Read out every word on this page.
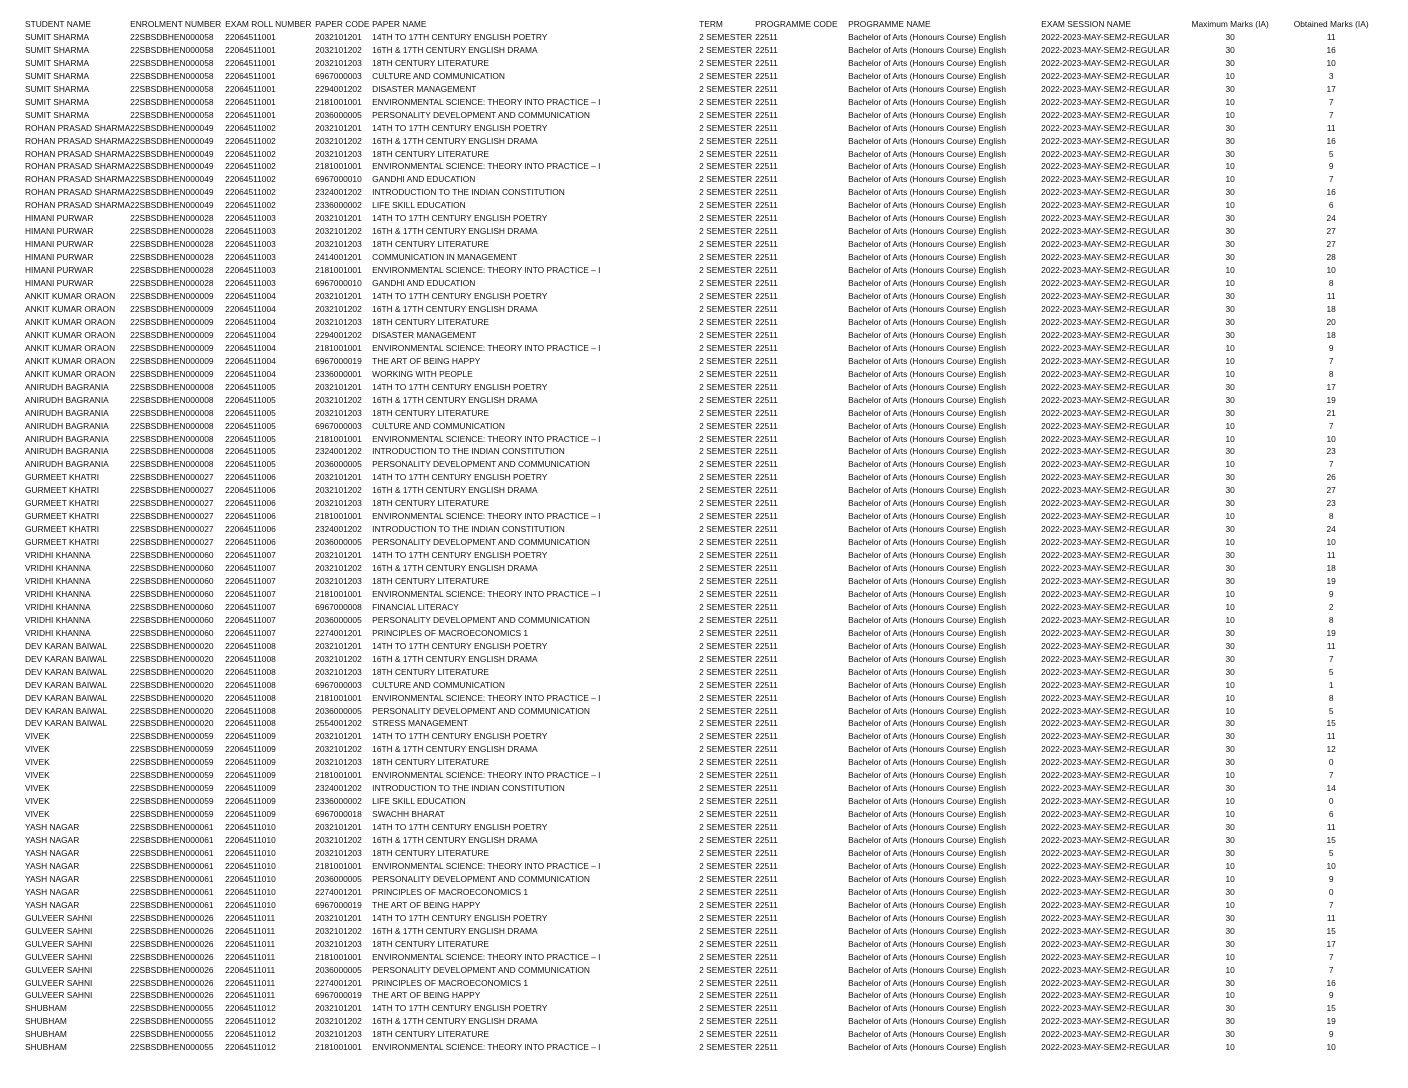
STUDENT NAME	ENROLMENT NUMBER	EXAM ROLL NUMBER	PAPER CODE	PAPER NAME	TERM	PROGRAMME CODE	PROGRAMME NAME	EXAM SESSION NAME	Maximum Marks (IA)	Obtained Marks (IA)
SUMIT SHARMA	22SBSDBHEN000058	22064511001	2032101201	14TH TO 17TH CENTURY ENGLISH POETRY	2 SEMESTER	22511	Bachelor of Arts (Honours Course) English	2022-2023-MAY-SEM2-REGULAR	30	11
SUMIT SHARMA	22SBSDBHEN000058	22064511001	2032101202	16TH & 17TH CENTURY ENGLISH DRAMA	2 SEMESTER	22511	Bachelor of Arts (Honours Course) English	2022-2023-MAY-SEM2-REGULAR	30	16
SUMIT SHARMA	22SBSDBHEN000058	22064511001	2032101203	18TH CENTURY LITERATURE	2 SEMESTER	22511	Bachelor of Arts (Honours Course) English	2022-2023-MAY-SEM2-REGULAR	30	10
SUMIT SHARMA	22SBSDBHEN000058	22064511001	6967000003	CULTURE AND COMMUNICATION	2 SEMESTER	22511	Bachelor of Arts (Honours Course) English	2022-2023-MAY-SEM2-REGULAR	10	3
SUMIT SHARMA	22SBSDBHEN000058	22064511001	2294001202	DISASTER MANAGEMENT	2 SEMESTER	22511	Bachelor of Arts (Honours Course) English	2022-2023-MAY-SEM2-REGULAR	30	17
SUMIT SHARMA	22SBSDBHEN000058	22064511001	2181001001	ENVIRONMENTAL SCIENCE: THEORY INTO PRACTICE – I	2 SEMESTER	22511	Bachelor of Arts (Honours Course) English	2022-2023-MAY-SEM2-REGULAR	10	7
SUMIT SHARMA	22SBSDBHEN000058	22064511001	2036000005	PERSONALITY DEVELOPMENT AND COMMUNICATION	2 SEMESTER	22511	Bachelor of Arts (Honours Course) English	2022-2023-MAY-SEM2-REGULAR	10	7
ROHAN PRASAD SHARMA	22SBSDBHEN000049	22064511002	2032101201	14TH TO 17TH CENTURY ENGLISH POETRY	2 SEMESTER	22511	Bachelor of Arts (Honours Course) English	2022-2023-MAY-SEM2-REGULAR	30	11
ROHAN PRASAD SHARMA	22SBSDBHEN000049	22064511002	2032101202	16TH & 17TH CENTURY ENGLISH DRAMA	2 SEMESTER	22511	Bachelor of Arts (Honours Course) English	2022-2023-MAY-SEM2-REGULAR	30	16
ROHAN PRASAD SHARMA	22SBSDBHEN000049	22064511002	2032101203	18TH CENTURY LITERATURE	2 SEMESTER	22511	Bachelor of Arts (Honours Course) English	2022-2023-MAY-SEM2-REGULAR	30	5
ROHAN PRASAD SHARMA	22SBSDBHEN000049	22064511002	2181001001	ENVIRONMENTAL SCIENCE: THEORY INTO PRACTICE – I	2 SEMESTER	22511	Bachelor of Arts (Honours Course) English	2022-2023-MAY-SEM2-REGULAR	10	9
ROHAN PRASAD SHARMA	22SBSDBHEN000049	22064511002	6967000010	GANDHI AND EDUCATION	2 SEMESTER	22511	Bachelor of Arts (Honours Course) English	2022-2023-MAY-SEM2-REGULAR	10	7
ROHAN PRASAD SHARMA	22SBSDBHEN000049	22064511002	2324001202	INTRODUCTION TO THE INDIAN CONSTITUTION	2 SEMESTER	22511	Bachelor of Arts (Honours Course) English	2022-2023-MAY-SEM2-REGULAR	30	16
ROHAN PRASAD SHARMA	22SBSDBHEN000049	22064511002	2336000002	LIFE SKILL EDUCATION	2 SEMESTER	22511	Bachelor of Arts (Honours Course) English	2022-2023-MAY-SEM2-REGULAR	10	6
HIMANI PURWAR	22SBSDBHEN000028	22064511003	2032101201	14TH TO 17TH CENTURY ENGLISH POETRY	2 SEMESTER	22511	Bachelor of Arts (Honours Course) English	2022-2023-MAY-SEM2-REGULAR	30	24
HIMANI PURWAR	22SBSDBHEN000028	22064511003	2032101202	16TH & 17TH CENTURY ENGLISH DRAMA	2 SEMESTER	22511	Bachelor of Arts (Honours Course) English	2022-2023-MAY-SEM2-REGULAR	30	27
HIMANI PURWAR	22SBSDBHEN000028	22064511003	2032101203	18TH CENTURY LITERATURE	2 SEMESTER	22511	Bachelor of Arts (Honours Course) English	2022-2023-MAY-SEM2-REGULAR	30	27
HIMANI PURWAR	22SBSDBHEN000028	22064511003	2414001201	COMMUNICATION IN MANAGEMENT	2 SEMESTER	22511	Bachelor of Arts (Honours Course) English	2022-2023-MAY-SEM2-REGULAR	30	28
HIMANI PURWAR	22SBSDBHEN000028	22064511003	2181001001	ENVIRONMENTAL SCIENCE: THEORY INTO PRACTICE – I	2 SEMESTER	22511	Bachelor of Arts (Honours Course) English	2022-2023-MAY-SEM2-REGULAR	10	10
HIMANI PURWAR	22SBSDBHEN000028	22064511003	6967000010	GANDHI AND EDUCATION	2 SEMESTER	22511	Bachelor of Arts (Honours Course) English	2022-2023-MAY-SEM2-REGULAR	10	8
ANKIT KUMAR ORAON	22SBSDBHEN000009	22064511004	2032101201	14TH TO 17TH CENTURY ENGLISH POETRY	2 SEMESTER	22511	Bachelor of Arts (Honours Course) English	2022-2023-MAY-SEM2-REGULAR	30	11
ANKIT KUMAR ORAON	22SBSDBHEN000009	22064511004	2032101202	16TH & 17TH CENTURY ENGLISH DRAMA	2 SEMESTER	22511	Bachelor of Arts (Honours Course) English	2022-2023-MAY-SEM2-REGULAR	30	18
ANKIT KUMAR ORAON	22SBSDBHEN000009	22064511004	2032101203	18TH CENTURY LITERATURE	2 SEMESTER	22511	Bachelor of Arts (Honours Course) English	2022-2023-MAY-SEM2-REGULAR	30	20
ANKIT KUMAR ORAON	22SBSDBHEN000009	22064511004	2294001202	DISASTER MANAGEMENT	2 SEMESTER	22511	Bachelor of Arts (Honours Course) English	2022-2023-MAY-SEM2-REGULAR	30	18
ANKIT KUMAR ORAON	22SBSDBHEN000009	22064511004	2181001001	ENVIRONMENTAL SCIENCE: THEORY INTO PRACTICE – I	2 SEMESTER	22511	Bachelor of Arts (Honours Course) English	2022-2023-MAY-SEM2-REGULAR	10	9
ANKIT KUMAR ORAON	22SBSDBHEN000009	22064511004	6967000019	THE ART OF BEING HAPPY	2 SEMESTER	22511	Bachelor of Arts (Honours Course) English	2022-2023-MAY-SEM2-REGULAR	10	7
ANKIT KUMAR ORAON	22SBSDBHEN000009	22064511004	2336000001	WORKING WITH PEOPLE	2 SEMESTER	22511	Bachelor of Arts (Honours Course) English	2022-2023-MAY-SEM2-REGULAR	10	8
ANIRUDH BAGRANIA	22SBSDBHEN000008	22064511005	2032101201	14TH TO 17TH CENTURY ENGLISH POETRY	2 SEMESTER	22511	Bachelor of Arts (Honours Course) English	2022-2023-MAY-SEM2-REGULAR	30	17
ANIRUDH BAGRANIA	22SBSDBHEN000008	22064511005	2032101202	16TH & 17TH CENTURY ENGLISH DRAMA	2 SEMESTER	22511	Bachelor of Arts (Honours Course) English	2022-2023-MAY-SEM2-REGULAR	30	19
ANIRUDH BAGRANIA	22SBSDBHEN000008	22064511005	2032101203	18TH CENTURY LITERATURE	2 SEMESTER	22511	Bachelor of Arts (Honours Course) English	2022-2023-MAY-SEM2-REGULAR	30	21
ANIRUDH BAGRANIA	22SBSDBHEN000008	22064511005	6967000003	CULTURE AND COMMUNICATION	2 SEMESTER	22511	Bachelor of Arts (Honours Course) English	2022-2023-MAY-SEM2-REGULAR	10	7
ANIRUDH BAGRANIA	22SBSDBHEN000008	22064511005	2181001001	ENVIRONMENTAL SCIENCE: THEORY INTO PRACTICE – I	2 SEMESTER	22511	Bachelor of Arts (Honours Course) English	2022-2023-MAY-SEM2-REGULAR	10	10
ANIRUDH BAGRANIA	22SBSDBHEN000008	22064511005	2324001202	INTRODUCTION TO THE INDIAN CONSTITUTION	2 SEMESTER	22511	Bachelor of Arts (Honours Course) English	2022-2023-MAY-SEM2-REGULAR	30	23
ANIRUDH BAGRANIA	22SBSDBHEN000008	22064511005	2036000005	PERSONALITY DEVELOPMENT AND COMMUNICATION	2 SEMESTER	22511	Bachelor of Arts (Honours Course) English	2022-2023-MAY-SEM2-REGULAR	10	7
GURMEET KHATRI	22SBSDBHEN000027	22064511006	2032101201	14TH TO 17TH CENTURY ENGLISH POETRY	2 SEMESTER	22511	Bachelor of Arts (Honours Course) English	2022-2023-MAY-SEM2-REGULAR	30	26
GURMEET KHATRI	22SBSDBHEN000027	22064511006	2032101202	16TH & 17TH CENTURY ENGLISH DRAMA	2 SEMESTER	22511	Bachelor of Arts (Honours Course) English	2022-2023-MAY-SEM2-REGULAR	30	27
GURMEET KHATRI	22SBSDBHEN000027	22064511006	2032101203	18TH CENTURY LITERATURE	2 SEMESTER	22511	Bachelor of Arts (Honours Course) English	2022-2023-MAY-SEM2-REGULAR	30	23
GURMEET KHATRI	22SBSDBHEN000027	22064511006	2181001001	ENVIRONMENTAL SCIENCE: THEORY INTO PRACTICE – I	2 SEMESTER	22511	Bachelor of Arts (Honours Course) English	2022-2023-MAY-SEM2-REGULAR	10	8
GURMEET KHATRI	22SBSDBHEN000027	22064511006	2324001202	INTRODUCTION TO THE INDIAN CONSTITUTION	2 SEMESTER	22511	Bachelor of Arts (Honours Course) English	2022-2023-MAY-SEM2-REGULAR	30	24
GURMEET KHATRI	22SBSDBHEN000027	22064511006	2036000005	PERSONALITY DEVELOPMENT AND COMMUNICATION	2 SEMESTER	22511	Bachelor of Arts (Honours Course) English	2022-2023-MAY-SEM2-REGULAR	10	10
VRIDHI KHANNA	22SBSDBHEN000060	22064511007	2032101201	14TH TO 17TH CENTURY ENGLISH POETRY	2 SEMESTER	22511	Bachelor of Arts (Honours Course) English	2022-2023-MAY-SEM2-REGULAR	30	11
VRIDHI KHANNA	22SBSDBHEN000060	22064511007	2032101202	16TH & 17TH CENTURY ENGLISH DRAMA	2 SEMESTER	22511	Bachelor of Arts (Honours Course) English	2022-2023-MAY-SEM2-REGULAR	30	18
VRIDHI KHANNA	22SBSDBHEN000060	22064511007	2032101203	18TH CENTURY LITERATURE	2 SEMESTER	22511	Bachelor of Arts (Honours Course) English	2022-2023-MAY-SEM2-REGULAR	30	19
VRIDHI KHANNA	22SBSDBHEN000060	22064511007	2181001001	ENVIRONMENTAL SCIENCE: THEORY INTO PRACTICE – I	2 SEMESTER	22511	Bachelor of Arts (Honours Course) English	2022-2023-MAY-SEM2-REGULAR	10	9
VRIDHI KHANNA	22SBSDBHEN000060	22064511007	6967000008	FINANCIAL LITERACY	2 SEMESTER	22511	Bachelor of Arts (Honours Course) English	2022-2023-MAY-SEM2-REGULAR	10	2
VRIDHI KHANNA	22SBSDBHEN000060	22064511007	2036000005	PERSONALITY DEVELOPMENT AND COMMUNICATION	2 SEMESTER	22511	Bachelor of Arts (Honours Course) English	2022-2023-MAY-SEM2-REGULAR	10	8
VRIDHI KHANNA	22SBSDBHEN000060	22064511007	2274001201	PRINCIPLES OF MACROECONOMICS 1	2 SEMESTER	22511	Bachelor of Arts (Honours Course) English	2022-2023-MAY-SEM2-REGULAR	30	19
DEV KARAN BAIWAL	22SBSDBHEN000020	22064511008	2032101201	14TH TO 17TH CENTURY ENGLISH POETRY	2 SEMESTER	22511	Bachelor of Arts (Honours Course) English	2022-2023-MAY-SEM2-REGULAR	30	11
DEV KARAN BAIWAL	22SBSDBHEN000020	22064511008	2032101202	16TH & 17TH CENTURY ENGLISH DRAMA	2 SEMESTER	22511	Bachelor of Arts (Honours Course) English	2022-2023-MAY-SEM2-REGULAR	30	7
DEV KARAN BAIWAL	22SBSDBHEN000020	22064511008	2032101203	18TH CENTURY LITERATURE	2 SEMESTER	22511	Bachelor of Arts (Honours Course) English	2022-2023-MAY-SEM2-REGULAR	30	5
DEV KARAN BAIWAL	22SBSDBHEN000020	22064511008	6967000003	CULTURE AND COMMUNICATION	2 SEMESTER	22511	Bachelor of Arts (Honours Course) English	2022-2023-MAY-SEM2-REGULAR	10	1
DEV KARAN BAIWAL	22SBSDBHEN000020	22064511008	2181001001	ENVIRONMENTAL SCIENCE: THEORY INTO PRACTICE – I	2 SEMESTER	22511	Bachelor of Arts (Honours Course) English	2022-2023-MAY-SEM2-REGULAR	10	8
DEV KARAN BAIWAL	22SBSDBHEN000020	22064511008	2036000005	PERSONALITY DEVELOPMENT AND COMMUNICATION	2 SEMESTER	22511	Bachelor of Arts (Honours Course) English	2022-2023-MAY-SEM2-REGULAR	10	5
DEV KARAN BAIWAL	22SBSDBHEN000020	22064511008	2554001202	STRESS MANAGEMENT	2 SEMESTER	22511	Bachelor of Arts (Honours Course) English	2022-2023-MAY-SEM2-REGULAR	30	15
VIVEK	22SBSDBHEN000059	22064511009	2032101201	14TH TO 17TH CENTURY ENGLISH POETRY	2 SEMESTER	22511	Bachelor of Arts (Honours Course) English	2022-2023-MAY-SEM2-REGULAR	30	11
VIVEK	22SBSDBHEN000059	22064511009	2032101202	16TH & 17TH CENTURY ENGLISH DRAMA	2 SEMESTER	22511	Bachelor of Arts (Honours Course) English	2022-2023-MAY-SEM2-REGULAR	30	12
VIVEK	22SBSDBHEN000059	22064511009	2032101203	18TH CENTURY LITERATURE	2 SEMESTER	22511	Bachelor of Arts (Honours Course) English	2022-2023-MAY-SEM2-REGULAR	30	0
VIVEK	22SBSDBHEN000059	22064511009	2181001001	ENVIRONMENTAL SCIENCE: THEORY INTO PRACTICE – I	2 SEMESTER	22511	Bachelor of Arts (Honours Course) English	2022-2023-MAY-SEM2-REGULAR	10	7
VIVEK	22SBSDBHEN000059	22064511009	2324001202	INTRODUCTION TO THE INDIAN CONSTITUTION	2 SEMESTER	22511	Bachelor of Arts (Honours Course) English	2022-2023-MAY-SEM2-REGULAR	30	14
VIVEK	22SBSDBHEN000059	22064511009	2336000002	LIFE SKILL EDUCATION	2 SEMESTER	22511	Bachelor of Arts (Honours Course) English	2022-2023-MAY-SEM2-REGULAR	10	0
VIVEK	22SBSDBHEN000059	22064511009	6967000018	SWACHH BHARAT	2 SEMESTER	22511	Bachelor of Arts (Honours Course) English	2022-2023-MAY-SEM2-REGULAR	10	6
YASH NAGAR	22SBSDBHEN000061	22064511010	2032101201	14TH TO 17TH CENTURY ENGLISH POETRY	2 SEMESTER	22511	Bachelor of Arts (Honours Course) English	2022-2023-MAY-SEM2-REGULAR	30	11
YASH NAGAR	22SBSDBHEN000061	22064511010	2032101202	16TH & 17TH CENTURY ENGLISH DRAMA	2 SEMESTER	22511	Bachelor of Arts (Honours Course) English	2022-2023-MAY-SEM2-REGULAR	30	15
YASH NAGAR	22SBSDBHEN000061	22064511010	2032101203	18TH CENTURY LITERATURE	2 SEMESTER	22511	Bachelor of Arts (Honours Course) English	2022-2023-MAY-SEM2-REGULAR	30	5
YASH NAGAR	22SBSDBHEN000061	22064511010	2181001001	ENVIRONMENTAL SCIENCE: THEORY INTO PRACTICE – I	2 SEMESTER	22511	Bachelor of Arts (Honours Course) English	2022-2023-MAY-SEM2-REGULAR	10	10
YASH NAGAR	22SBSDBHEN000061	22064511010	2036000005	PERSONALITY DEVELOPMENT AND COMMUNICATION	2 SEMESTER	22511	Bachelor of Arts (Honours Course) English	2022-2023-MAY-SEM2-REGULAR	10	9
YASH NAGAR	22SBSDBHEN000061	22064511010	2274001201	PRINCIPLES OF MACROECONOMICS 1	2 SEMESTER	22511	Bachelor of Arts (Honours Course) English	2022-2023-MAY-SEM2-REGULAR	30	0
YASH NAGAR	22SBSDBHEN000061	22064511010	6967000019	THE ART OF BEING HAPPY	2 SEMESTER	22511	Bachelor of Arts (Honours Course) English	2022-2023-MAY-SEM2-REGULAR	10	7
GULVEER SAHNI	22SBSDBHEN000026	22064511011	2032101201	14TH TO 17TH CENTURY ENGLISH POETRY	2 SEMESTER	22511	Bachelor of Arts (Honours Course) English	2022-2023-MAY-SEM2-REGULAR	30	11
GULVEER SAHNI	22SBSDBHEN000026	22064511011	2032101202	16TH & 17TH CENTURY ENGLISH DRAMA	2 SEMESTER	22511	Bachelor of Arts (Honours Course) English	2022-2023-MAY-SEM2-REGULAR	30	15
GULVEER SAHNI	22SBSDBHEN000026	22064511011	2032101203	18TH CENTURY LITERATURE	2 SEMESTER	22511	Bachelor of Arts (Honours Course) English	2022-2023-MAY-SEM2-REGULAR	30	17
GULVEER SAHNI	22SBSDBHEN000026	22064511011	2181001001	ENVIRONMENTAL SCIENCE: THEORY INTO PRACTICE – I	2 SEMESTER	22511	Bachelor of Arts (Honours Course) English	2022-2023-MAY-SEM2-REGULAR	10	7
GULVEER SAHNI	22SBSDBHEN000026	22064511011	2036000005	PERSONALITY DEVELOPMENT AND COMMUNICATION	2 SEMESTER	22511	Bachelor of Arts (Honours Course) English	2022-2023-MAY-SEM2-REGULAR	10	7
GULVEER SAHNI	22SBSDBHEN000026	22064511011	2274001201	PRINCIPLES OF MACROECONOMICS 1	2 SEMESTER	22511	Bachelor of Arts (Honours Course) English	2022-2023-MAY-SEM2-REGULAR	30	16
GULVEER SAHNI	22SBSDBHEN000026	22064511011	6967000019	THE ART OF BEING HAPPY	2 SEMESTER	22511	Bachelor of Arts (Honours Course) English	2022-2023-MAY-SEM2-REGULAR	10	9
SHUBHAM	22SBSDBHEN000055	22064511012	2032101201	14TH TO 17TH CENTURY ENGLISH POETRY	2 SEMESTER	22511	Bachelor of Arts (Honours Course) English	2022-2023-MAY-SEM2-REGULAR	30	15
SHUBHAM	22SBSDBHEN000055	22064511012	2032101202	16TH & 17TH CENTURY ENGLISH DRAMA	2 SEMESTER	22511	Bachelor of Arts (Honours Course) English	2022-2023-MAY-SEM2-REGULAR	30	19
SHUBHAM	22SBSDBHEN000055	22064511012	2032101203	18TH CENTURY LITERATURE	2 SEMESTER	22511	Bachelor of Arts (Honours Course) English	2022-2023-MAY-SEM2-REGULAR	30	9
SHUBHAM	22SBSDBHEN000055	22064511012	2181001001	ENVIRONMENTAL SCIENCE: THEORY INTO PRACTICE – I	2 SEMESTER	22511	Bachelor of Arts (Honours Course) English	2022-2023-MAY-SEM2-REGULAR	10	10
